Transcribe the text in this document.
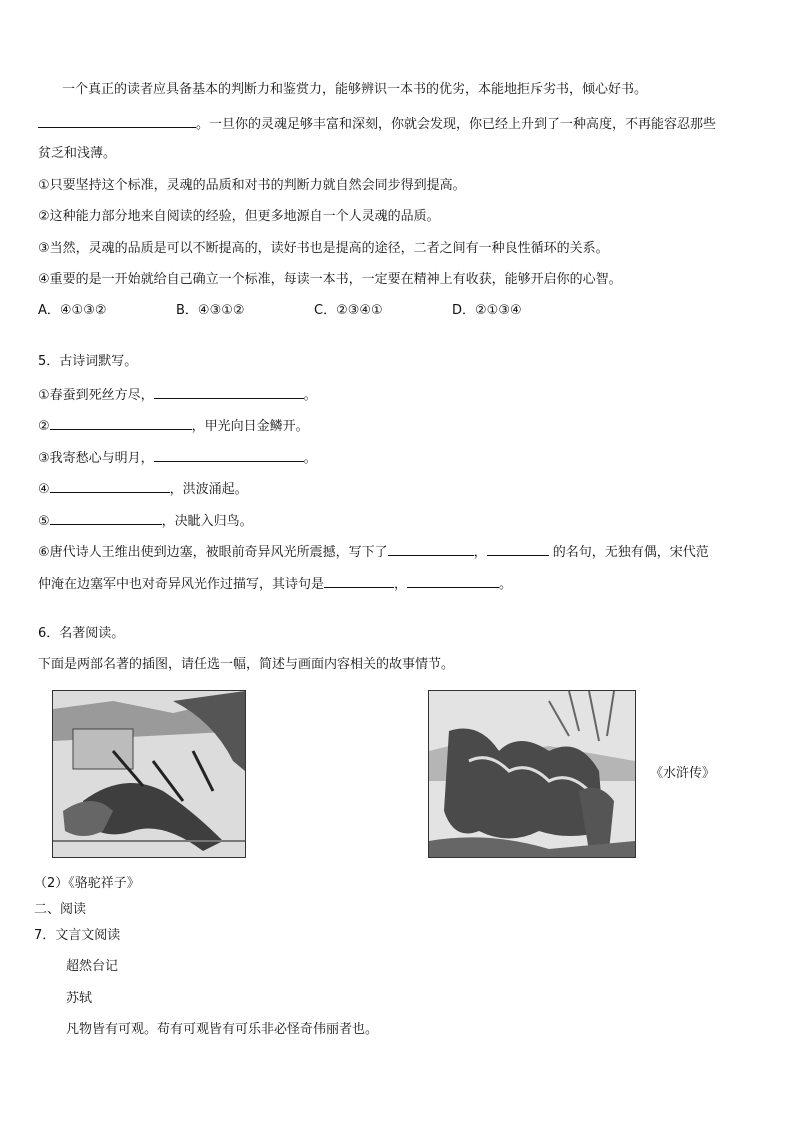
一个真正的读者应具备基本的判断力和鉴赏力，能够辨识一本书的优劣，本能地拒斥劣书，倾心好书。
。一旦你的灵魂足够丰富和深刻，你就会发现，你已经上升到了一种高度，不再能容忍那些
贫乏和浅薄。
①只要坚持这个标准，灵魂的品质和对书的判断力就自然会同步得到提高。
②这种能力部分地来自阅读的经验，但更多地源自一个人灵魂的品质。
③当然，灵魂的品质是可以不断提高的，读好书也是提高的途径，二者之间有一种良性循环的关系。
④重要的是一开始就给自己确立一个标准，每读一本书，一定要在精神上有收获，能够开启你的心智。
A．④①③②	B．④③①②	C．②③④①	D．②①③④
5．古诗词默写。
①春蚕到死丝方尽，	。
②	，甲光向日金鳞开。
③我寄愁心与明月，	。
④	，洪波涌起。
⑤	，决眦入归鸟。
⑥唐代诗人王维出使到边塞，被眼前奇异风光所震撼，写下了	，	的名句，无独有偶，宋代范
仲淹在边塞军中也对奇异风光作过描写，其诗句是	，	。
6．名著阅读。
下面是两部名著的插图，请任选一幅，简述与画面内容相关的故事情节。
《水浒传》
（2）《骆驼祥子》
二、阅读
7．文言文阅读
超然台记
苏轼
凡物皆有可观。苟有可观皆有可乐非必怪奇伟丽者也。
